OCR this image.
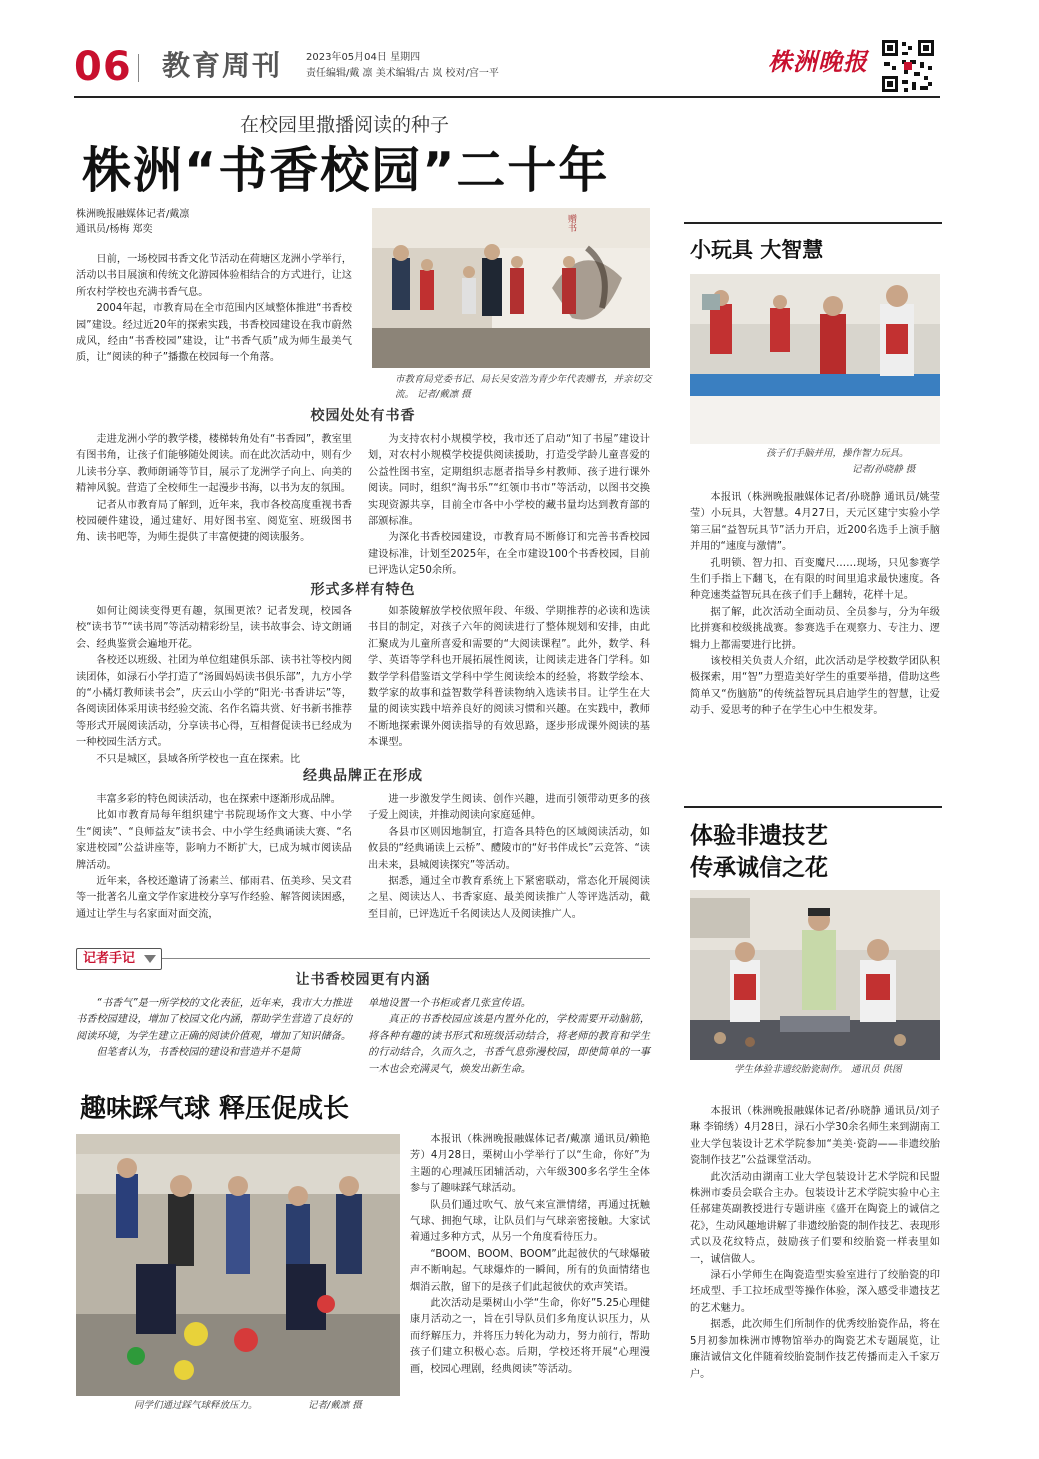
06 教育周刊 2023年05月04日 星期四
责任编辑/戴 凛 美术编辑/古 岚 校对/宫一平	株洲晚报
在校园里撒播阅读的种子
株洲“书香校园”二十年
株洲晚报融媒体记者/戴凛
通讯员/杨梅 郑奕

日前，一场校园书香文化节活动在荷塘区龙洲小学举行，活动以书目展演和传统文化游园体验相结合的方式进行，让这所农村学校也充满书香气息。

2004年起，市教育局在全市范围内区域整体推进“书香校园”建设。经过近20年的探索实践，书香校园建设在我市蔚然成风，经由“书香校园”建设，让“书香气质”成为师生最美气质，让“阅读的种子”播撒在校园每一个角落。

赠书
市教育局党委书记、局长吴安浩为青少年代表赠书，并亲切交流。 记者/戴凛 摄
校园处处有书香

走进龙洲小学的教学楼，楼梯转角处有“书香园”，教室里有图书角，让孩子们能够随处阅读。而在此次活动中，则有少儿读书分享、教师朗诵等节目，展示了龙洲学子向上、向美的精神风貌。营造了全校师生一起漫步书海，以书为友的氛围。

记者从市教育局了解到，近年来，我市各校高度重视书香校园硬件建设，通过建好、用好图书室、阅览室、班级图书角、读书吧等，为师生提供了丰富便捷的阅读服务。

为支持农村小规模学校，我市还了启动“知了书屋”建设计划，对农村小规模学校提供阅读援助，打造受学龄儿童喜爱的公益性图书室，定期组织志愿者指导乡村教师、孩子进行课外阅读。同时，组织“淘书乐”“红领巾书市”等活动，以图书交换实现资源共享，目前全市各中小学校的藏书量均达到教育部的部颁标准。

为深化书香校园建设，市教育局不断修订和完善书香校园建设标准，计划至2025年，在全市建设100个书香校园，目前已评选认定50余所。

形式多样有特色

如何让阅读变得更有趣，氛围更浓？记者发现，校园各校“读书节”“读书周”等活动精彩纷呈，读书故事会、诗文朗诵会、经典鉴赏会遍地开花。

各校还以班级、社团为单位组建俱乐部、读书社等校内阅读团体，如渌石小学打造了“汤圆妈妈读书俱乐部”，九方小学的“小橘灯教师读书会”，庆云山小学的“阳光·书香讲坛”等，各阅读团体采用读书经验交流、名作名篇共赏、好书新书推荐等形式开展阅读活动，分享读书心得，互相督促读书已经成为一种校园生活方式。

不只是城区，县域各所学校也一直在探索。比

如茶陵解放学校依照年段、年级、学期推荐的必读和选读书目的制定，对孩子六年的阅读进行了整体规划和安排，由此汇聚成为儿童所喜爱和需要的“大阅读课程”。此外，数学、科学、英语等学科也开展拓展性阅读，让阅读走进各门学科。如数学学科借鉴语文学科中学生阅读绘本的经验，将数学绘本、数学家的故事和益智数学科普读物纳入选读书目。让学生在大量的阅读实践中培养良好的阅读习惯和兴趣。在实践中，教师不断地探索课外阅读指导的有效思路，逐步形成课外阅读的基本课型。

经典品牌正在形成

丰富多彩的特色阅读活动，也在探索中逐渐形成品牌。

比如市教育局每年组织建宁书院现场作文大赛、中小学生“阅读”、“良师益友”读书会、中小学生经典诵读大赛、“名家进校园”公益讲座等，影响力不断扩大，已成为城市阅读品牌活动。

近年来，各校还邀请了汤素兰、郁雨君、伍美珍、吴文君等一批著名儿童文学作家进校分享写作经验、解答阅读困惑，通过让学生与名家面对面交流，

进一步激发学生阅读、创作兴趣，进而引领带动更多的孩子爱上阅读，并推动阅读向家庭延伸。

各县市区则因地制宜，打造各具特色的区域阅读活动，如攸县的“经典诵读上云桥”、醴陵市的“好书伴成长”云竞答、“读出未来，县城阅读探究”等活动。

据悉，通过全市教育系统上下紧密联动，常态化开展阅读之星、阅读达人、书香家庭、最美阅读推广人等评选活动，截至目前，已评选近千名阅读达人及阅读推广人。

记者手记
让书香校园更有内涵

“书香气”是一所学校的文化表征，近年来，我市大力推进书香校园建设，增加了校园文化内涵，帮助学生营造了良好的阅读环境，为学生建立正确的阅读价值观，增加了知识储备。

但笔者认为，书香校园的建设和营造并不是简

单地设置一个书柜或者几张宣传语。

真正的书香校园应该是内置外化的，学校需要开动脑筋，将各种有趣的读书形式和班级活动结合，将老师的教育和学生的行动结合，久而久之，书香气息弥漫校园，即使简单的一事一木也会充满灵气，焕发出新生命。

趣味踩气球 释压促成长
同学们通过踩气球释放压力。	记者/戴凛 摄

本报讯（株洲晚报融媒体记者/戴凛 通讯员/赖艳芳）4月28日，栗树山小学举行了以“生命，你好”为主题的心理减压团辅活动，六年级300多名学生全体参与了趣味踩气球活动。

队员们通过吹气、放气来宣泄情绪，再通过抚触气球、拥抱气球，让队员们与气球亲密接触。大家试着通过多种方式，从另一个角度看待压力。

“BOOM、BOOM、BOOM”此起彼伏的气球爆破声不断响起。气球爆炸的一瞬间，所有的负面情绪也烟消云散，留下的是孩子们此起彼伏的欢声笑语。

此次活动是栗树山小学“生命，你好”5.25心理健康月活动之一，旨在引导队员们多角度认识压力，从而纾解压力，并将压力转化为动力，努力前行，帮助孩子们建立积极心态。后期，学校还将开展“心理漫画，校园心理剧，经典阅读”等活动。

小玩具 大智慧
孩子们手脑并用，操作智力玩具。
记者/孙晓静 摄

本报讯（株洲晚报融媒体记者/孙晓静 通讯员/姚莹莹）小玩具，大智慧。4月27日，天元区建宁实验小学第三届“益智玩具节”活力开启，近200名选手上演手脑并用的“速度与激情”。

孔明锁、智力扣、百变魔尺……现场，只见参赛学生们手指上下翻飞，在有限的时间里追求最快速度。各种竞速类益智玩具在孩子们手上翻转，花样十足。

据了解，此次活动全面动员、全员参与，分为年级比拼赛和校级挑战赛。参赛选手在观察力、专注力、逻辑力上都需要进行比拼。

该校相关负责人介绍，此次活动是学校数学团队积极探索，用“智”力塑造美好学生的重要举措，借助这些简单又“伤脑筋”的传统益智玩具启迪学生的智慧，让爱动手、爱思考的种子在学生心中生根发芽。

体验非遗技艺
传承诚信之花
学生体验非遗绞胎瓷制作。 通讯员 供图

本报讯（株洲晚报融媒体记者/孙晓静 通讯员/刘子琳 李锦绣）4月28日，渌石小学30余名师生来到湖南工业大学包装设计艺术学院参加“美美·瓷韵——非遗绞胎瓷制作技艺”公益课堂活动。

此次活动由湖南工业大学包装设计艺术学院和民盟株洲市委员会联合主办。包装设计艺术学院实验中心主任郝建英副教授进行专题讲座《盛开在陶瓷上的诚信之花》，生动风趣地讲解了非遗绞胎瓷的制作技艺、表现形式以及花纹特点，鼓励孩子们要和绞胎瓷一样表里如一，诚信做人。

渌石小学师生在陶瓷造型实验室进行了绞胎瓷的印坯成型、手工拉坯成型等操作体验，深入感受非遗技艺的艺术魅力。

据悉，此次师生们所制作的优秀绞胎瓷作品，将在5月初参加株洲市博物馆举办的陶瓷艺术专题展览，让廉洁诚信文化伴随着绞胎瓷制作技艺传播而走入千家万户。
